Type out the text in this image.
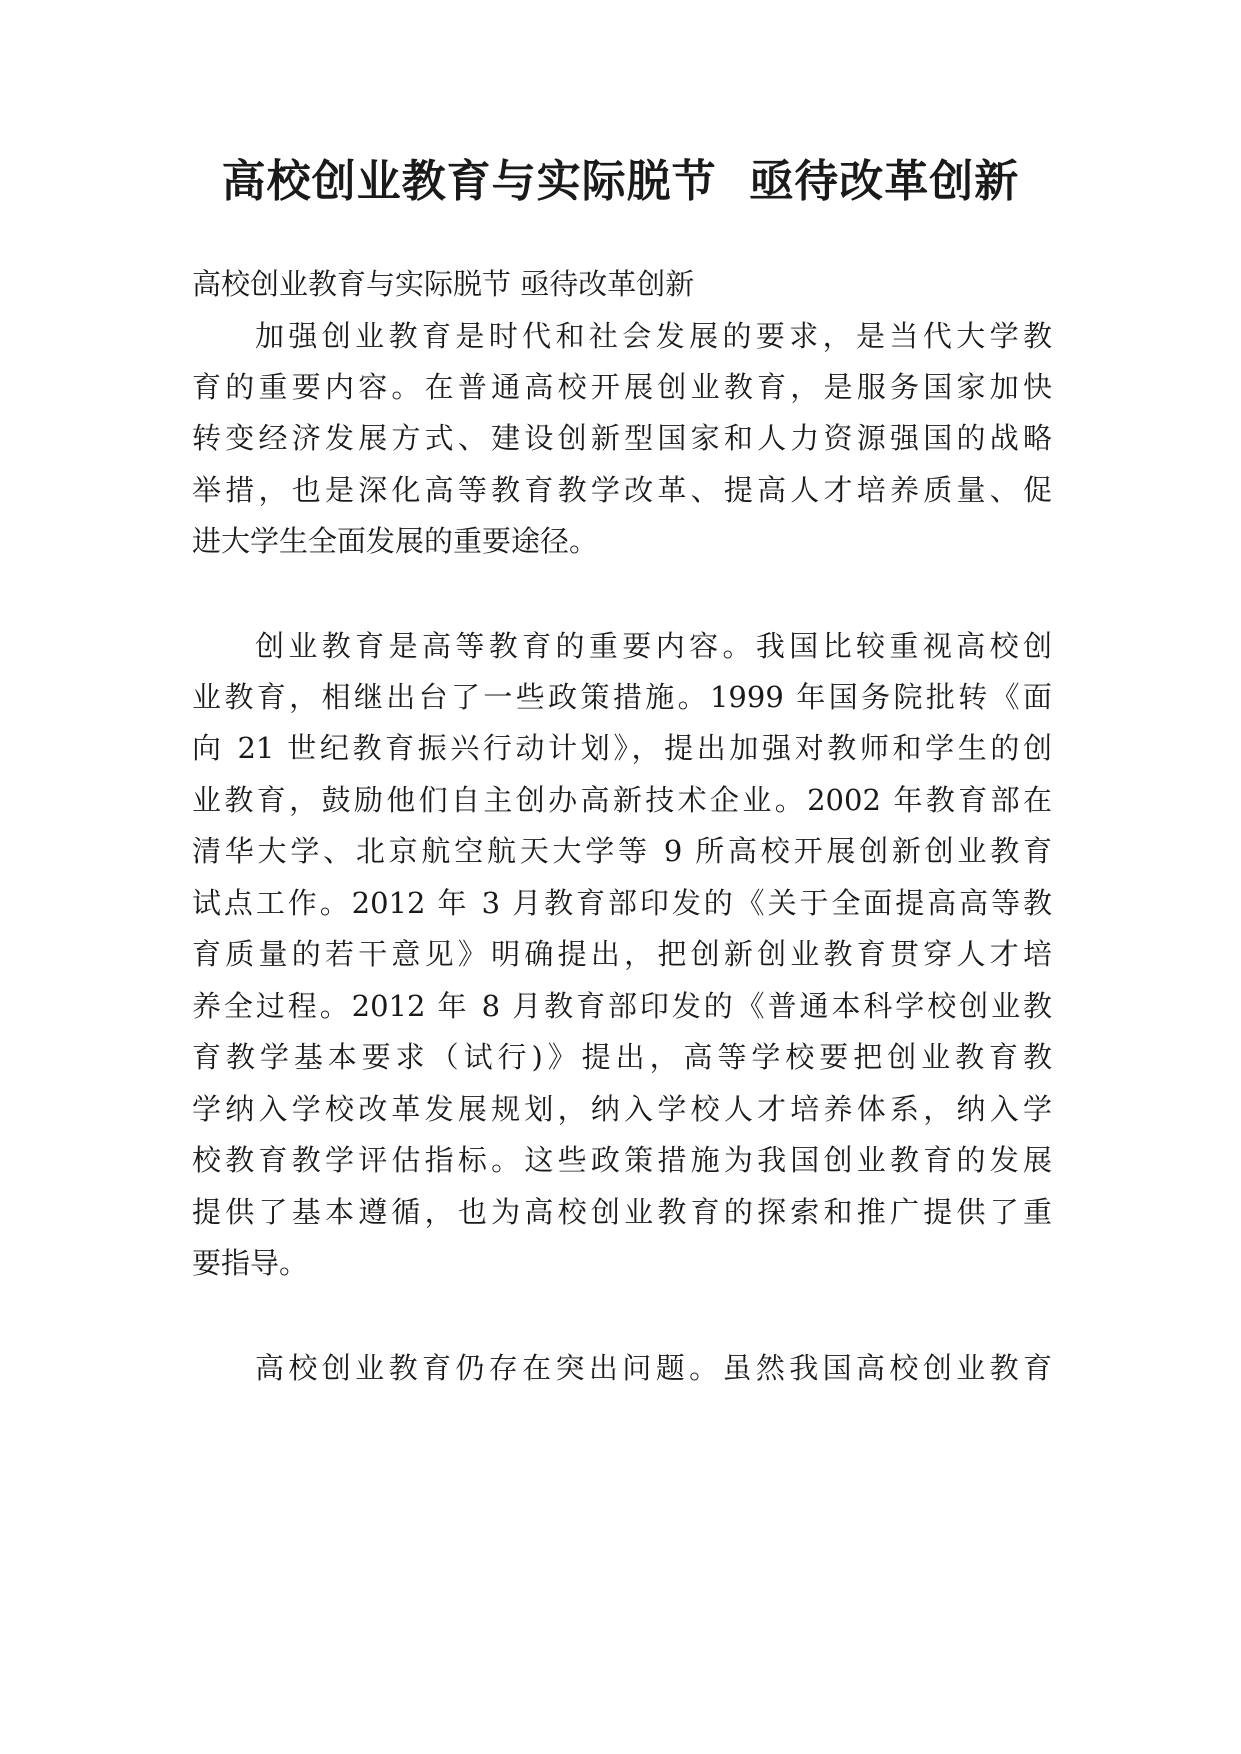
高校创业教育与实际脱节  亟待改革创新
高校创业教育与实际脱节 亟待改革创新
加强创业教育是时代和社会发展的要求，是当代大学教
育的重要内容。在普通高校开展创业教育，是服务国家加快
转变经济发展方式、建设创新型国家和人力资源强国的战略
举措，也是深化高等教育教学改革、提高人才培养质量、促
进大学生全面发展的重要途径。
创业教育是高等教育的重要内容。我国比较重视高校创
业教育，相继出台了一些政策措施。1999 年国务院批转《面
向 21 世纪教育振兴行动计划》，提出加强对教师和学生的创
业教育，鼓励他们自主创办高新技术企业。2002 年教育部在
清华大学、北京航空航天大学等 9 所高校开展创新创业教育
试点工作。2012 年 3 月教育部印发的《关于全面提高高等教
育质量的若干意见》明确提出，把创新创业教育贯穿人才培
养全过程。2012 年 8 月教育部印发的《普通本科学校创业教
育教学基本要求（试行)》提出，高等学校要把创业教育教
学纳入学校改革发展规划，纳入学校人才培养体系，纳入学
校教育教学评估指标。这些政策措施为我国创业教育的发展
提供了基本遵循，也为高校创业教育的探索和推广提供了重
要指导。
高校创业教育仍存在突出问题。虽然我国高校创业教育
